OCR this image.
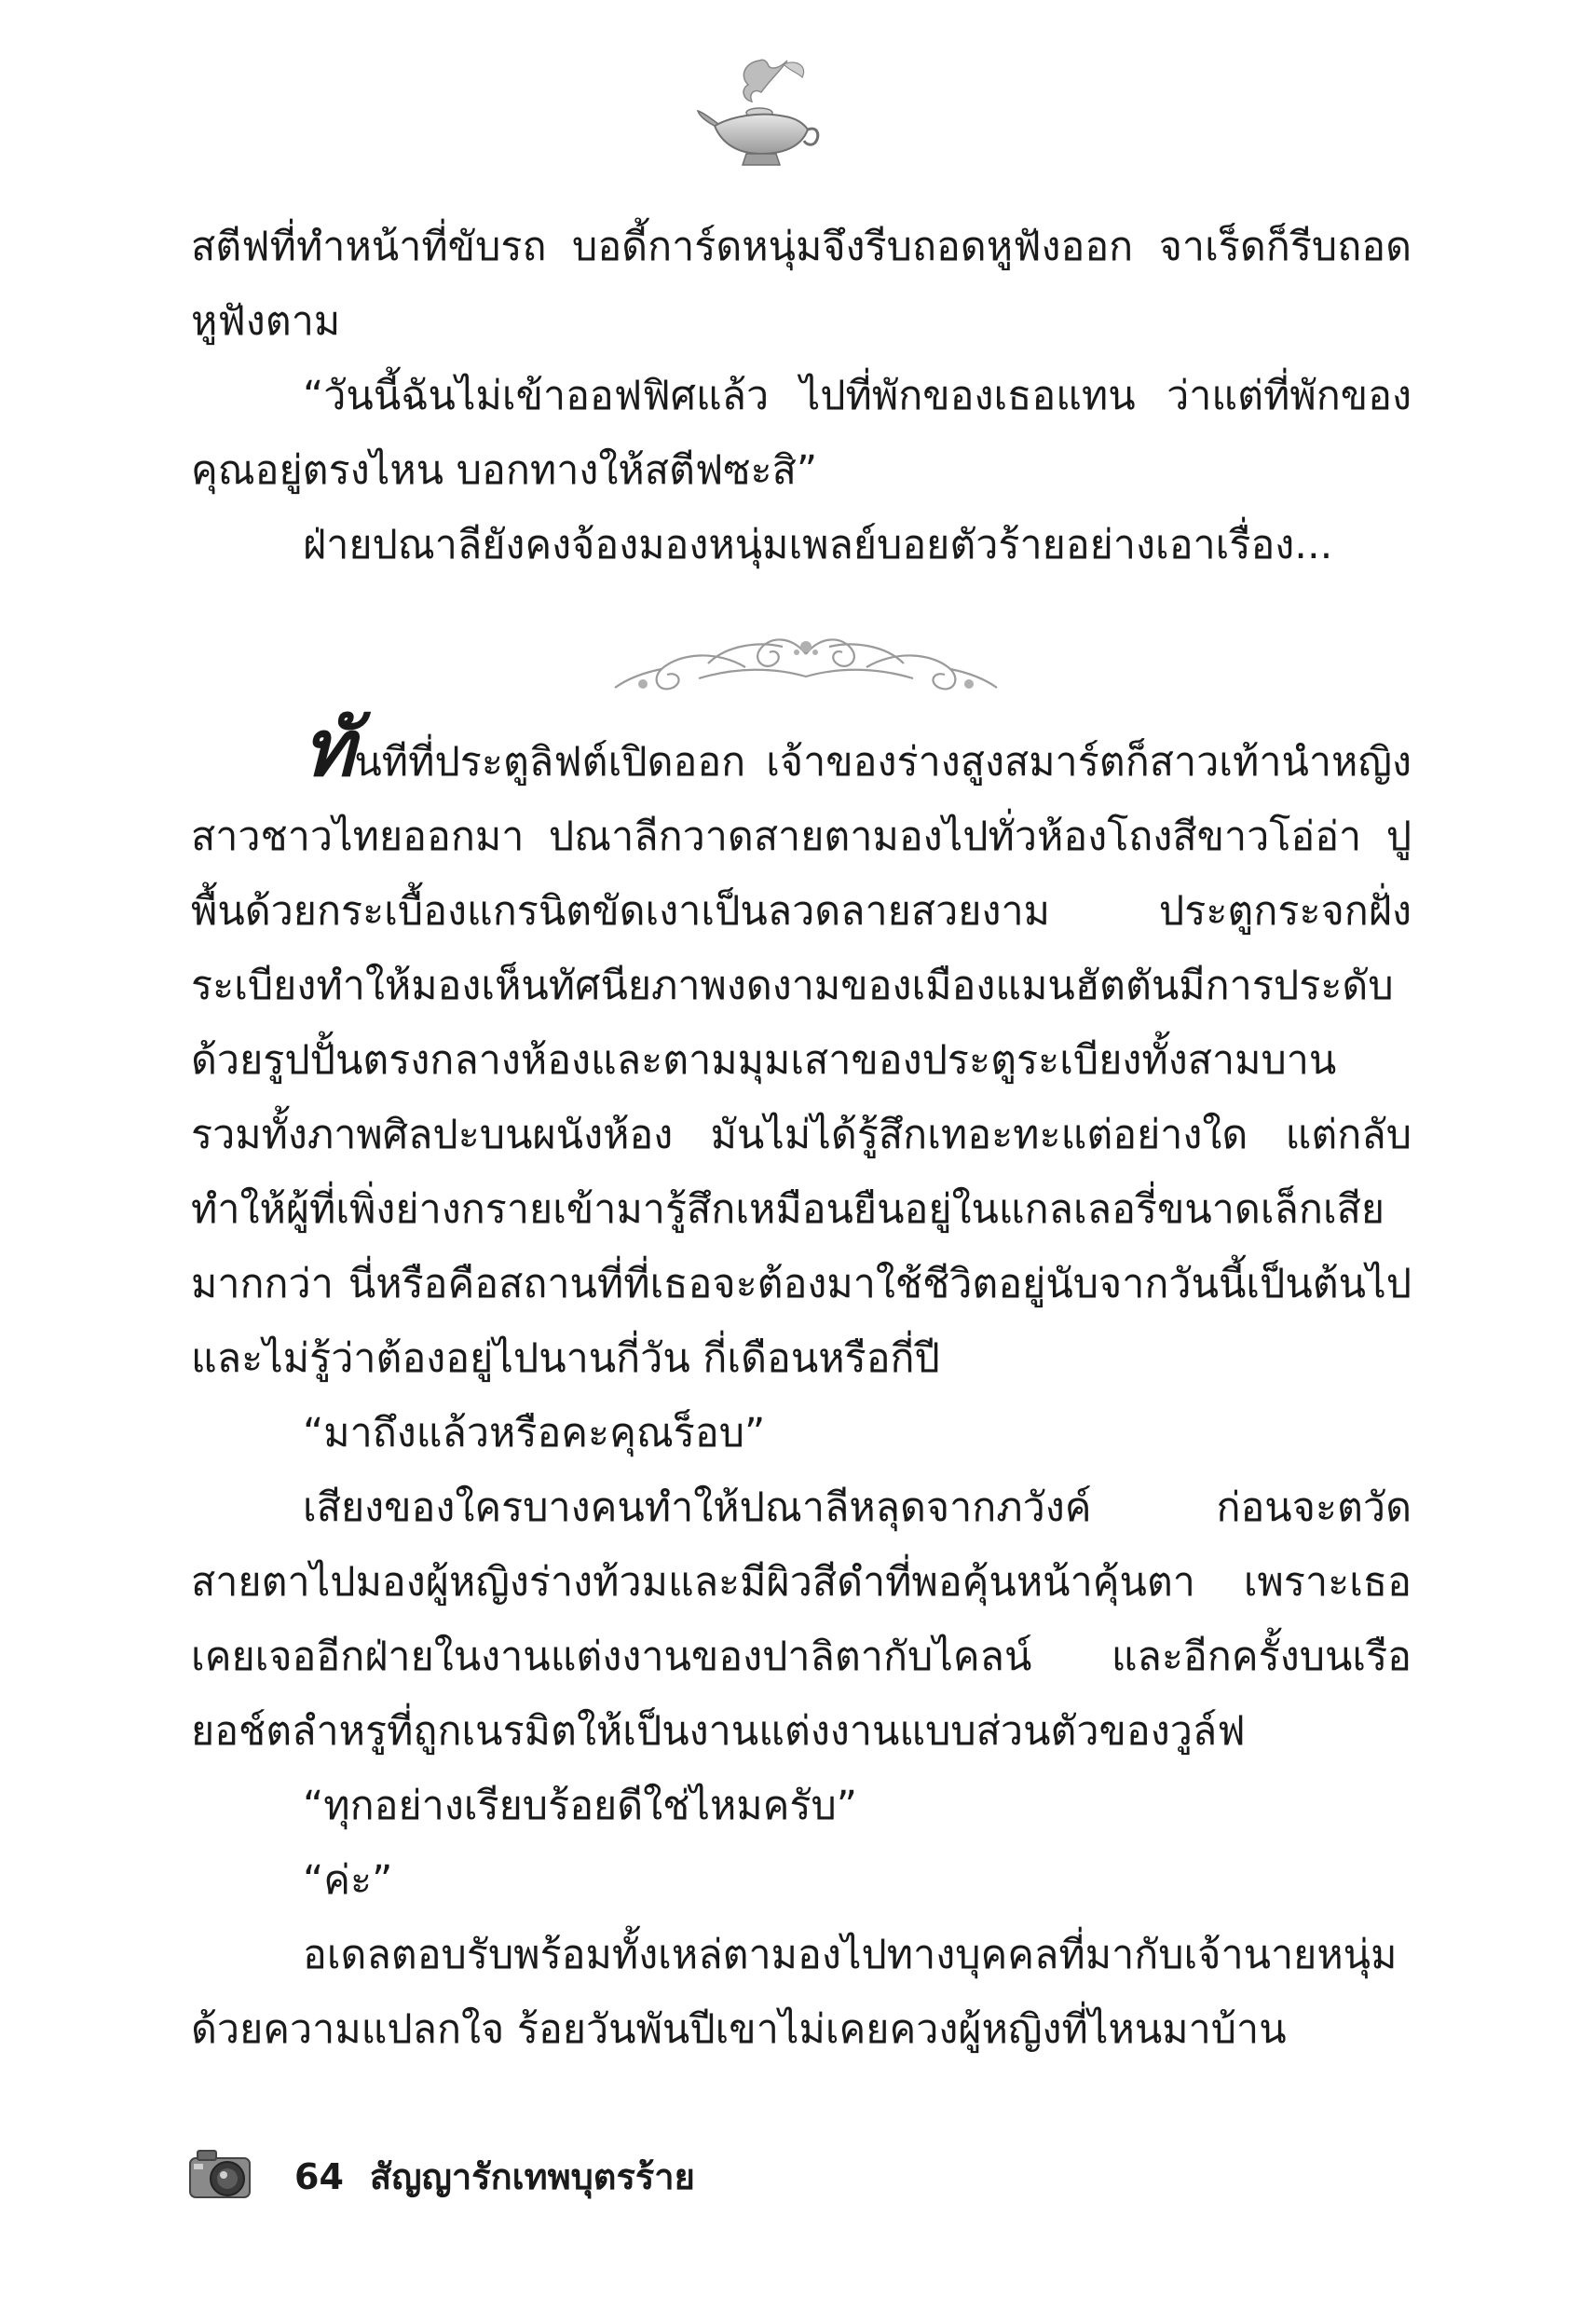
สตีฟที่ทำหน้าที่ขับรถ บอดี้การ์ดหนุ่มจึงรีบถอดหูฟังออก จาเร็ดก็รีบถอดหูฟังตาม

“วันนี้ฉันไม่เข้าออฟฟิศแล้ว ไปที่พักของเธอแทน ว่าแต่ที่พักของคุณอยู่ตรงไหน บอกทางให้สตีฟซะสิ”

ฝ่ายปณาลียังคงจ้องมองหนุ่มเพลย์บอยตัวร้ายอย่างเอาเรื่อง...

ทันทีที่ประตูลิฟต์เปิดออก เจ้าของร่างสูงสมาร์ตก็สาวเท้านำหญิงสาวชาวไทยออกมา ปณาลีกวาดสายตามองไปทั่วห้องโถงสีขาวโอ่อ่า ปูพื้นด้วยกระเบื้องแกรนิตขัดเงาเป็นลวดลายสวยงาม ประตูกระจกฝั่งระเบียงทำให้มองเห็นทัศนียภาพงดงามของเมืองแมนฮัตตันมีการประดับด้วยรูปปั้นตรงกลางห้องและตามมุมเสาของประตูระเบียงทั้งสามบาน รวมทั้งภาพศิลปะบนผนังห้อง มันไม่ได้รู้สึกเทอะทะแต่อย่างใด แต่กลับทำให้ผู้ที่เพิ่งย่างกรายเข้ามารู้สึกเหมือนยืนอยู่ในแกลเลอรี่ขนาดเล็กเสียมากกว่า นี่หรือคือสถานที่ที่เธอจะต้องมาใช้ชีวิตอยู่นับจากวันนี้เป็นต้นไป และไม่รู้ว่าต้องอยู่ไปนานกี่วัน กี่เดือนหรือกี่ปี

“มาถึงแล้วหรือคะคุณร็อบ”

เสียงของใครบางคนทำให้ปณาลีหลุดจากภวังค์ ก่อนจะตวัดสายตาไปมองผู้หญิงร่างท้วมและมีผิวสีดำที่พอคุ้นหน้าคุ้นตา เพราะเธอเคยเจออีกฝ่ายในงานแต่งงานของปาลิตากับไคลน์ และอีกครั้งบนเรือยอช์ตลำหรูที่ถูกเนรมิตให้เป็นงานแต่งงานแบบส่วนตัวของวูล์ฟ

“ทุกอย่างเรียบร้อยดีใช่ไหมครับ”

“ค่ะ”

อเดลตอบรับพร้อมทั้งเหล่ตามองไปทางบุคคลที่มากับเจ้านายหนุ่มด้วยความแปลกใจ ร้อยวันพันปีเขาไม่เคยควงผู้หญิงที่ไหนมาบ้าน

64 สัญญารักเทพบุตรร้าย
